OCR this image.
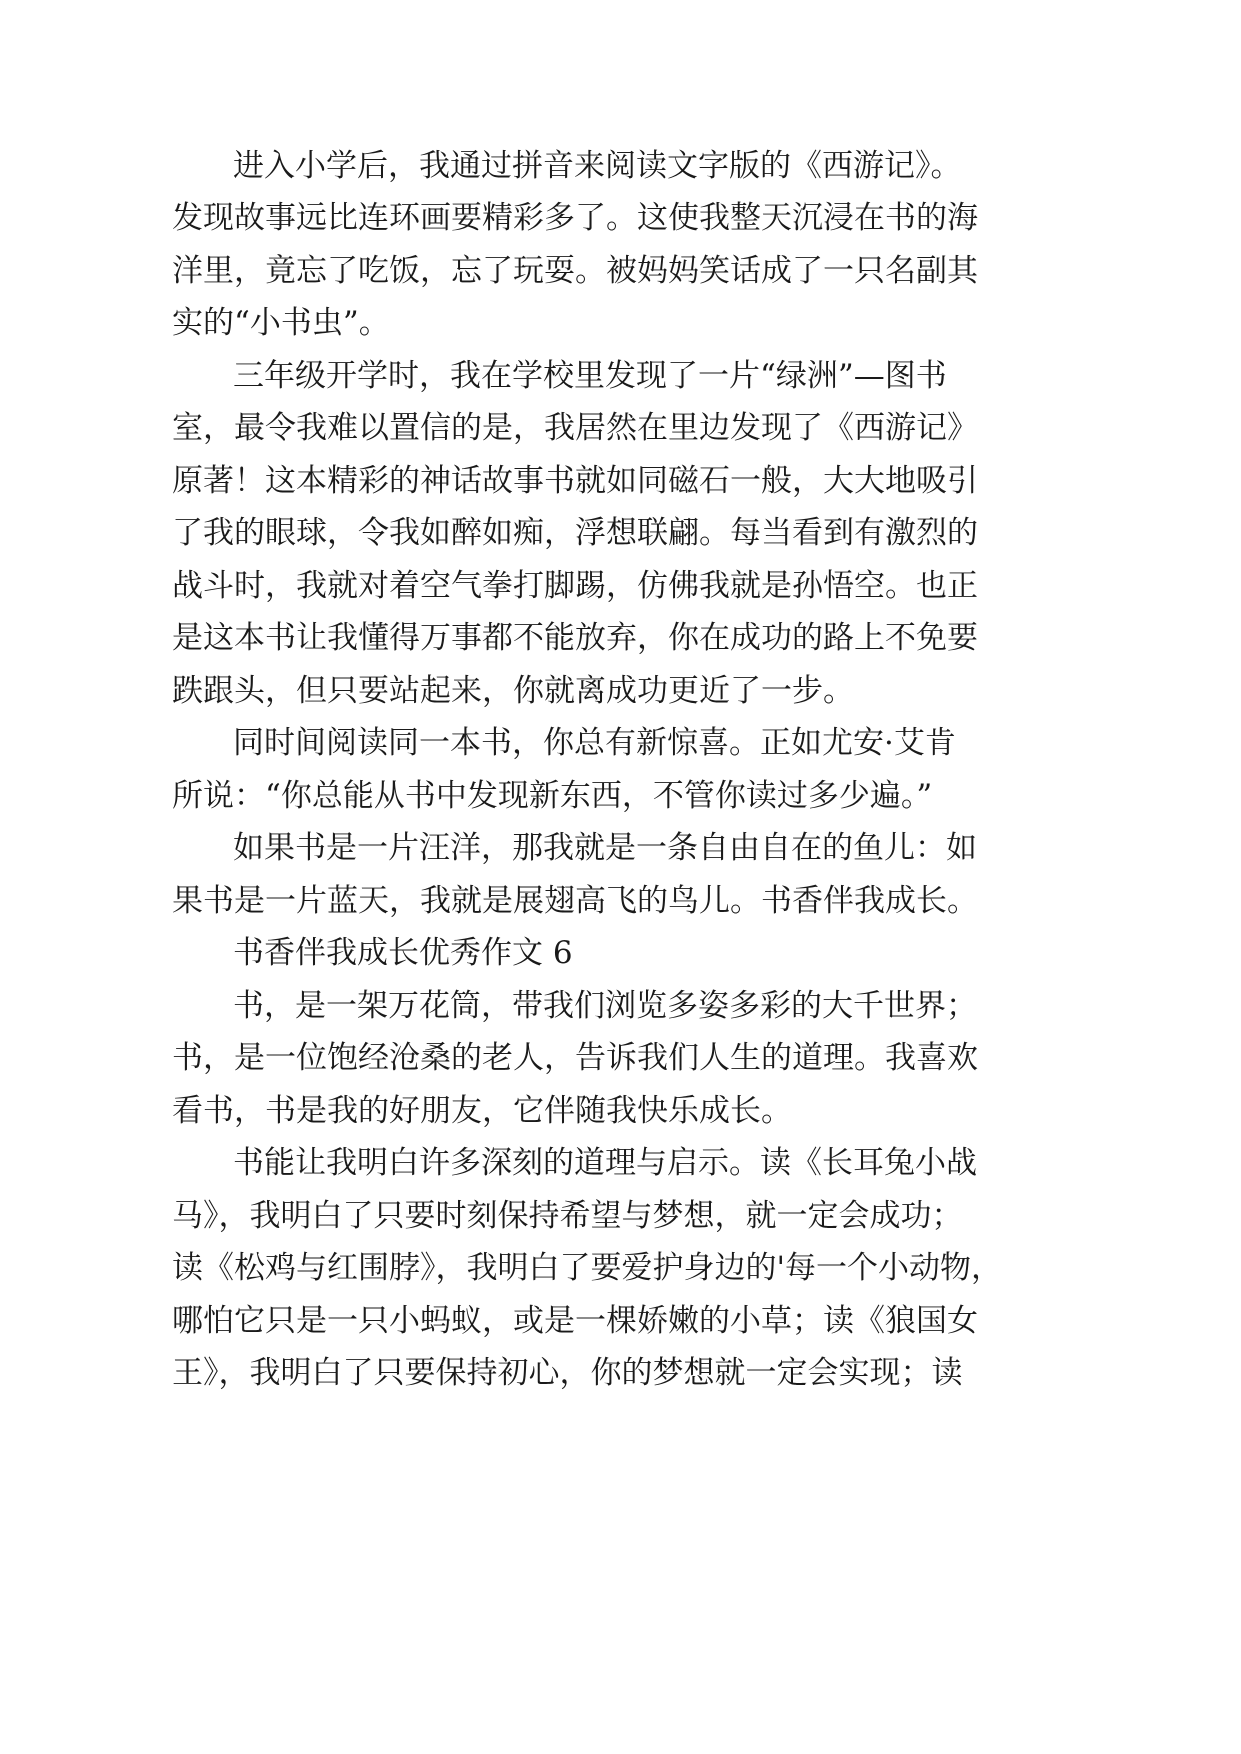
进入小学后，我通过拼音来阅读文字版的《西游记》。
发现故事远比连环画要精彩多了。这使我整天沉浸在书的海
洋里，竟忘了吃饭，忘了玩耍。被妈妈笑话成了一只名副其
实的“小书虫”。
三年级开学时，我在学校里发现了一片“绿洲”—图书
室，最令我难以置信的是，我居然在里边发现了《西游记》
原著！这本精彩的神话故事书就如同磁石一般，大大地吸引
了我的眼球，令我如醉如痴，浮想联翩。每当看到有激烈的
战斗时，我就对着空气拳打脚踢，仿佛我就是孙悟空。也正
是这本书让我懂得万事都不能放弃，你在成功的路上不免要
跌跟头，但只要站起来，你就离成功更近了一步。
同时间阅读同一本书，你总有新惊喜。正如尤安·艾肯
所说：“你总能从书中发现新东西，不管你读过多少遍。”
如果书是一片汪洋，那我就是一条自由自在的鱼儿：如
果书是一片蓝天，我就是展翅高飞的鸟儿。书香伴我成长。
书香伴我成长优秀作文 6
书，是一架万花筒，带我们浏览多姿多彩的大千世界；
书，是一位饱经沧桑的老人，告诉我们人生的道理。我喜欢
看书，书是我的好朋友，它伴随我快乐成长。
书能让我明白许多深刻的道理与启示。读《长耳兔小战
马》，我明白了只要时刻保持希望与梦想，就一定会成功；
读《松鸡与红围脖》，我明白了要爱护身边的'每一个小动物，
哪怕它只是一只小蚂蚁，或是一棵娇嫩的小草；读《狼国女
王》，我明白了只要保持初心，你的梦想就一定会实现；读
